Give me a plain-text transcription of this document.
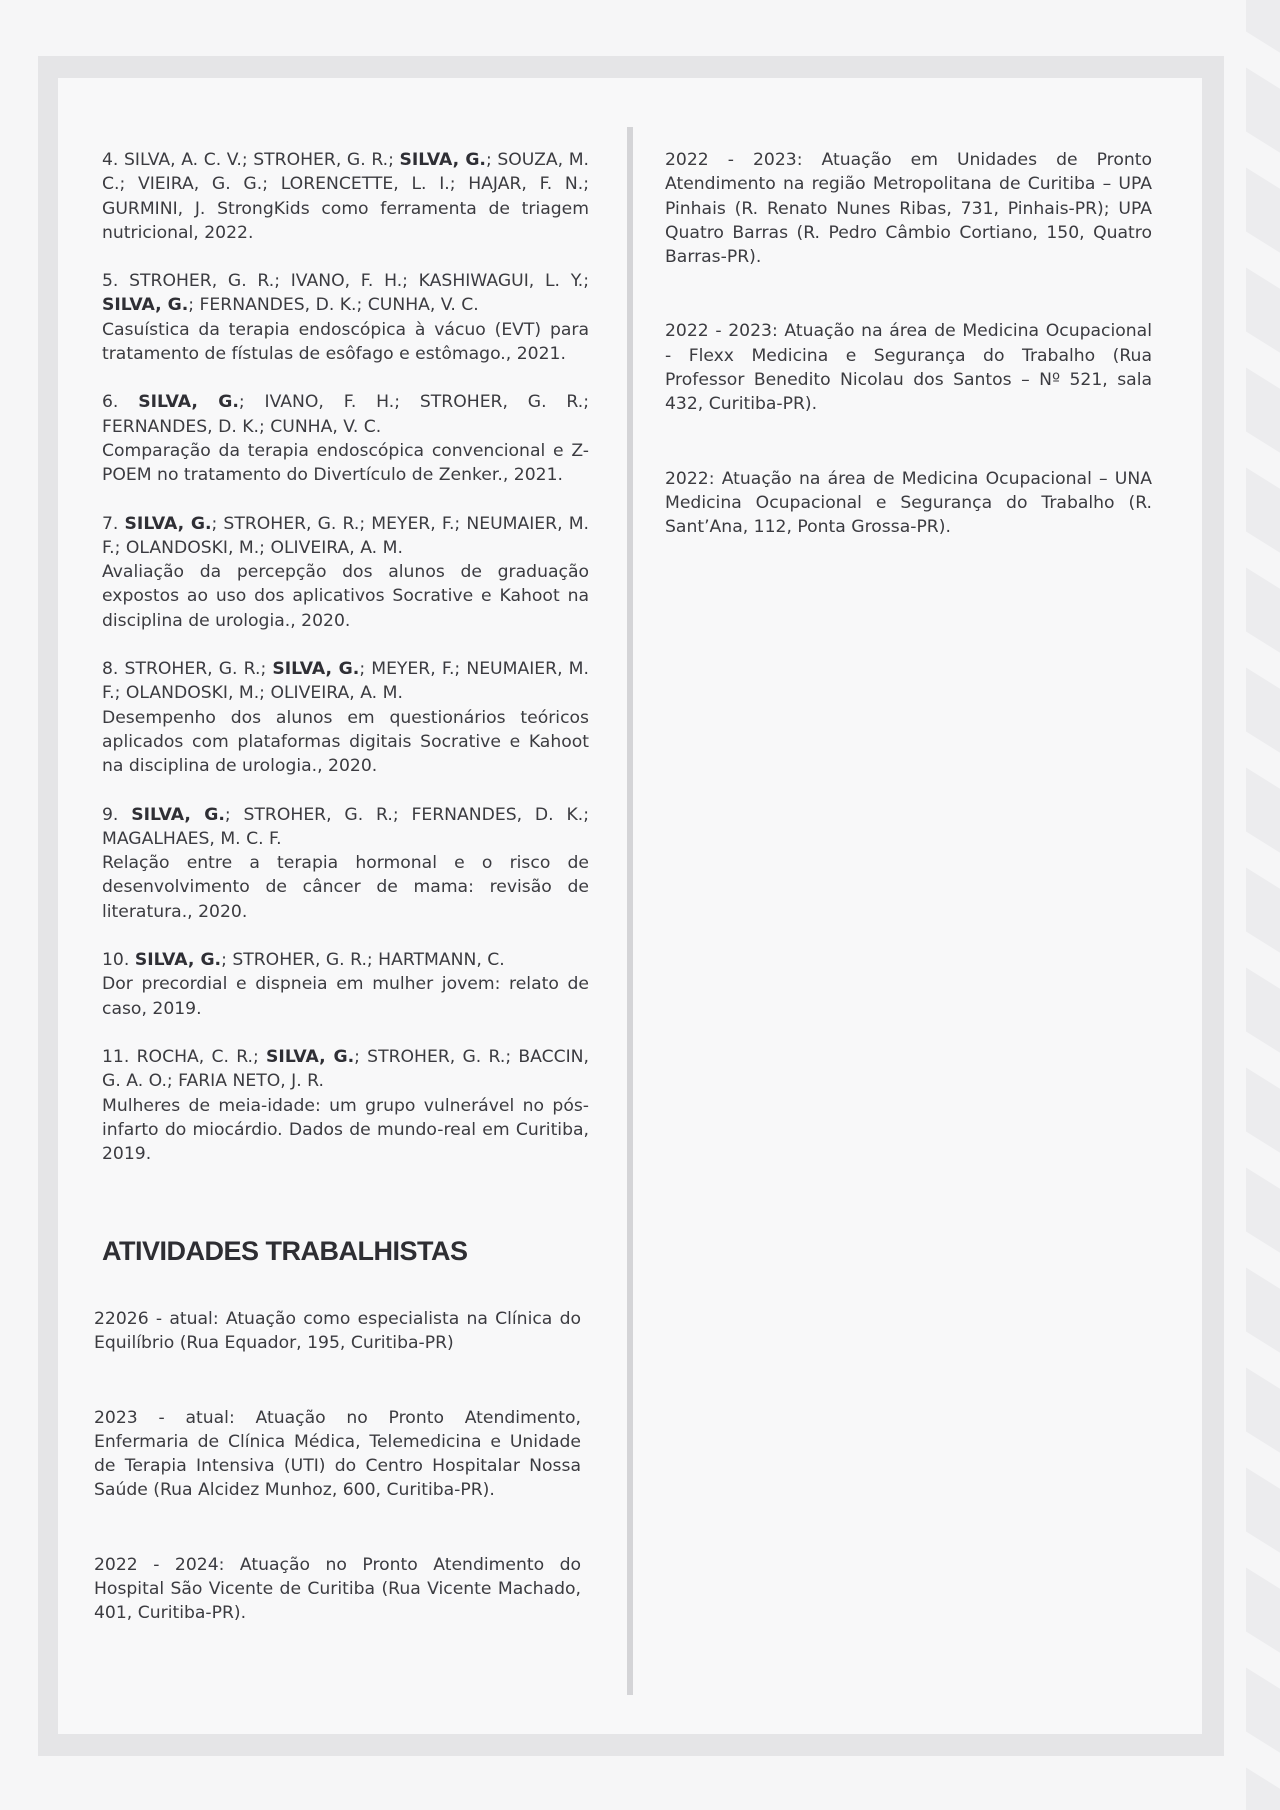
4. SILVA, A. C. V.; STROHER, G. R.; SILVA, G.; SOUZA, M. C.; VIEIRA, G. G.; LORENCETTE, L. I.; HAJAR, F. N.; GURMINI, J. StrongKids como ferramenta de triagem nutricional, 2022.

5. STROHER, G. R.; IVANO, F. H.; KASHIWAGUI, L. Y.; SILVA, G.; FERNANDES, D. K.; CUNHA, V. C.
Casuística da terapia endoscópica à vácuo (EVT) para tratamento de fístulas de esôfago e estômago., 2021.

6. SILVA, G.; IVANO, F. H.; STROHER, G. R.; FERNANDES, D. K.; CUNHA, V. C.
Comparação da terapia endoscópica convencional e Z-POEM no tratamento do Divertículo de Zenker., 2021.

7. SILVA, G.; STROHER, G. R.; MEYER, F.; NEUMAIER, M. F.; OLANDOSKI, M.; OLIVEIRA, A. M.
Avaliação da percepção dos alunos de graduação expostos ao uso dos aplicativos Socrative e Kahoot na disciplina de urologia., 2020.

8. STROHER, G. R.; SILVA, G.; MEYER, F.; NEUMAIER, M. F.; OLANDOSKI, M.; OLIVEIRA, A. M.
Desempenho dos alunos em questionários teóricos aplicados com plataformas digitais Socrative e Kahoot na disciplina de urologia., 2020.

9. SILVA, G.; STROHER, G. R.; FERNANDES, D. K.; MAGALHAES, M. C. F.
Relação entre a terapia hormonal e o risco de desenvolvimento de câncer de mama: revisão de literatura., 2020.

10. SILVA, G.; STROHER, G. R.; HARTMANN, C.
Dor precordial e dispneia em mulher jovem: relato de caso, 2019.

11. ROCHA, C. R.; SILVA, G.; STROHER, G. R.; BACCIN, G. A. O.; FARIA NETO, J. R.
Mulheres de meia-idade: um grupo vulnerável no pós-infarto do miocárdio. Dados de mundo-real em Curitiba, 2019.

ATIVIDADES TRABALHISTAS

22026 - atual: Atuação como especialista na Clínica do Equilíbrio (Rua Equador, 195, Curitiba-PR)

2023 - atual: Atuação no Pronto Atendimento, Enfermaria de Clínica Médica, Telemedicina e Unidade de Terapia Intensiva (UTI) do Centro Hospitalar Nossa Saúde (Rua Alcidez Munhoz, 600, Curitiba-PR).

2022 - 2024: Atuação no Pronto Atendimento do Hospital São Vicente de Curitiba (Rua Vicente Machado, 401, Curitiba-PR).

2022 - 2023: Atuação em Unidades de Pronto Atendimento na região Metropolitana de Curitiba – UPA Pinhais (R. Renato Nunes Ribas, 731, Pinhais-PR); UPA Quatro Barras (R. Pedro Câmbio Cortiano, 150, Quatro Barras-PR).

2022 - 2023: Atuação na área de Medicina Ocupacional - Flexx Medicina e Segurança do Trabalho (Rua Professor Benedito Nicolau dos Santos – Nº 521, sala 432, Curitiba-PR).

2022: Atuação na área de Medicina Ocupacional – UNA Medicina Ocupacional e Segurança do Trabalho (R. Sant’Ana, 112, Ponta Grossa-PR).
